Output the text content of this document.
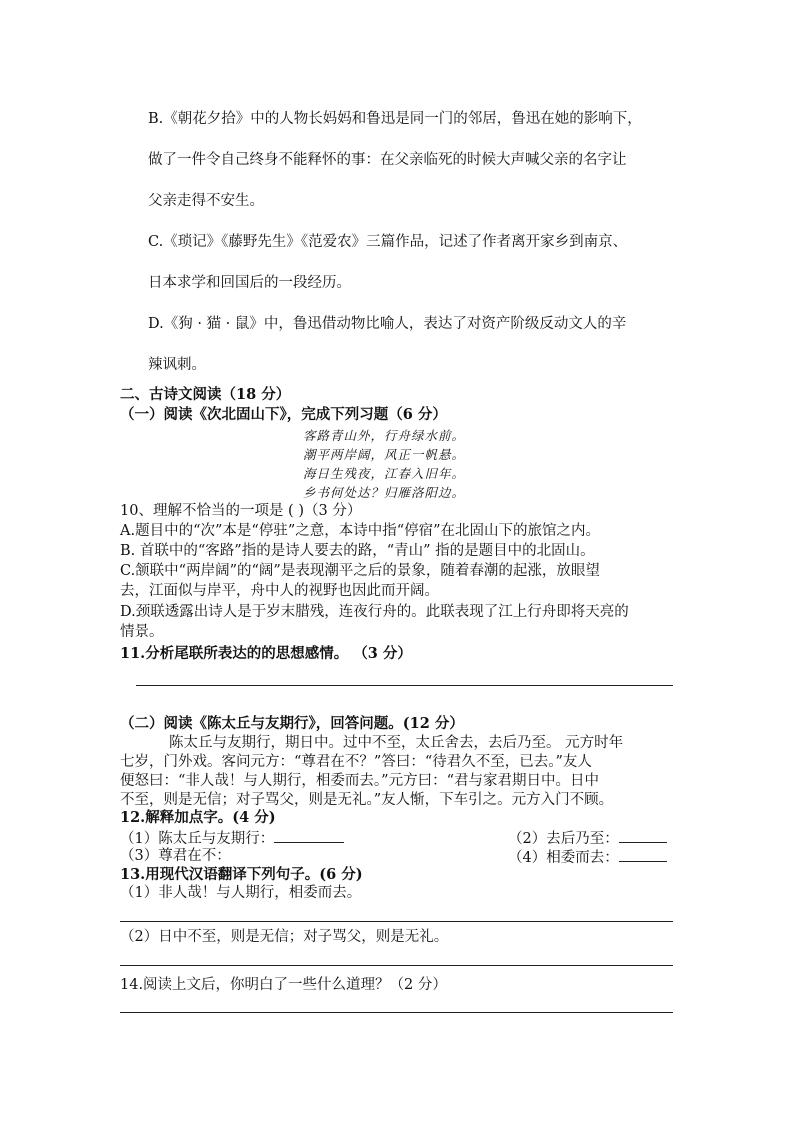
B.《朝花夕拾》中的人物长妈妈和鲁迅是同一门的邻居，鲁迅在她的影响下，
做了一件令自己终身不能释怀的事：在父亲临死的时候大声喊父亲的名字让
父亲走得不安生。
C.《琐记》《藤野先生》《范爱农》三篇作品，记述了作者离开家乡到南京、
日本求学和回国后的一段经历。
D.《狗 · 猫 · 鼠》中，鲁迅借动物比喻人，表达了对资产阶级反动文人的辛
辣讽刺。
二、古诗文阅读（18 分）
（一）阅读《次北固山下》，完成下列习题（6 分）
客路青山外，行舟绿水前。
潮平两岸阔，风正一帆悬。
海日生残夜，江春入旧年。
乡书何处达？归雁洛阳边。
10、理解不恰当的一项是 ( )（3 分）
A.题目中的“次”本是“停驻”之意，本诗中指“停宿”在北固山下的旅馆之内。
B. 首联中的“客路”指的是诗人要去的路，“青山” 指的是题目中的北固山。
C.颔联中“两岸阔”的“阔”是表现潮平之后的景象，随着春潮的起涨，放眼望
去，江面似与岸平，舟中人的视野也因此而开阔。
D.颈联透露出诗人是于岁末腊残，连夜行舟的。此联表现了江上行舟即将天亮的
情景。
11.分析尾联所表达的的思想感情。 （3 分）
（二）阅读《陈太丘与友期行》，回答问题。(12 分）
陈太丘与友期行，期日中。过中不至，太丘舍去，去后乃至。 元方时年
七岁，门外戏。客问元方：“尊君在不？”答曰：“待君久不至，已去。”友人
便怒曰：“非人哉！与人期行，相委而去。”元方曰：“君与家君期日中。日中
不至，则是无信；对子骂父，则是无礼。”友人惭，下车引之。元方入门不顾。
12.解释加点字。(4 分)
（1）陈太丘与友期行：	（2）去后乃至：
（3）尊君在不：	（4）相委而去：
13.用现代汉语翻译下列句子。(6 分)
（1）非人哉！与人期行，相委而去。
（2）日中不至，则是无信；对子骂父，则是无礼。
14.阅读上文后，你明白了一些什么道理？（2 分）
